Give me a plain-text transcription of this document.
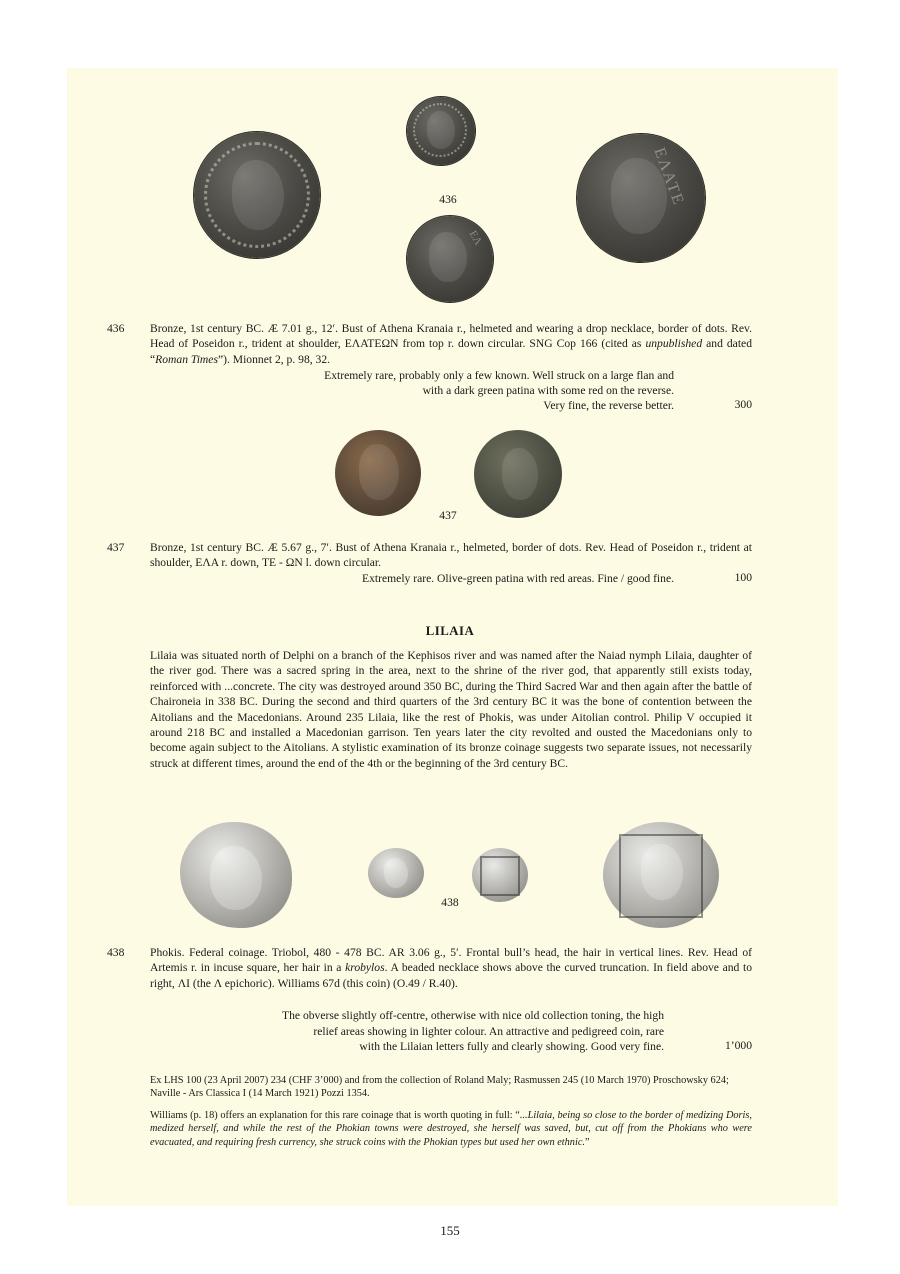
436
ΕΛ
ΕΛΑΤΕ
436 Bronze, 1st century BC. Æ 7.01 g., 12′. Bust of Athena Kranaia r., helmeted and wearing a drop necklace, border of dots. Rev. Head of Poseidon r., trident at shoulder, ΕΛΑΤΕΩΝ from top r. down circular. SNG Cop 166 (cited as unpublished and dated “Roman Times”). Mionnet 2, p. 98, 32.
Extremely rare, probably only a few known. Well struck on a large flan and
with a dark green patina with some red on the reverse.
Very fine, the reverse better.	300
437
437 Bronze, 1st century BC. Æ 5.67 g., 7′. Bust of Athena Kranaia r., helmeted, border of dots. Rev. Head of Poseidon r., trident at shoulder, ΕΛΑ r. down, ΤΕ - ΩΝ l. down circular.
Extremely rare. Olive-green patina with red areas. Fine / good fine.	100
LILAIA
Lilaia was situated north of Delphi on a branch of the Kephisos river and was named after the Naiad nymph Lilaia, daughter of the river god. There was a sacred spring in the area, next to the shrine of the river god, that apparently still exists today, reinforced with ...concrete. The city was destroyed around 350 BC, during the Third Sacred War and then again after the battle of Chaironeia in 338 BC. During the second and third quarters of the 3rd century BC it was the bone of contention between the Aitolians and the Macedonians. Around 235 Lilaia, like the rest of Phokis, was under Aitolian control. Philip V occupied it around 218 BC and installed a Macedonian garrison. Ten years later the city revolted and ousted the Macedonians only to become again subject to the Aitolians. A stylistic examination of its bronze coinage suggests two separate issues, not necessarily struck at different times, around the end of the 4th or the beginning of the 3rd century BC.
438
438 Phokis. Federal coinage. Triobol, 480 - 478 BC. AR 3.06 g., 5′. Frontal bull’s head, the hair in vertical lines. Rev. Head of Artemis r. in incuse square, her hair in a krobylos. A beaded necklace shows above the curved truncation. In field above and to right, ΛΙ (the Λ epichoric). Williams 67d (this coin) (O.49 / R.40).
The obverse slightly off-centre, otherwise with nice old collection toning, the high
relief areas showing in lighter colour. An attractive and pedigreed coin, rare
with the Lilaian letters fully and clearly showing. Good very fine.	1’000
Ex LHS 100 (23 April 2007) 234 (CHF 3’000) and from the collection of Roland Maly; Rasmussen 245 (10 March 1970) Proschowsky 624; Naville - Ars Classica I (14 March 1921) Pozzi 1354.
Williams (p. 18) offers an explanation for this rare coinage that is worth quoting in full: “...Lilaia, being so close to the border of medizing Doris, medized herself, and while the rest of the Phokian towns were destroyed, she herself was saved, but, cut off from the Phokians who were evacuated, and requiring fresh currency, she struck coins with the Phokian types but used her own ethnic.”
155
